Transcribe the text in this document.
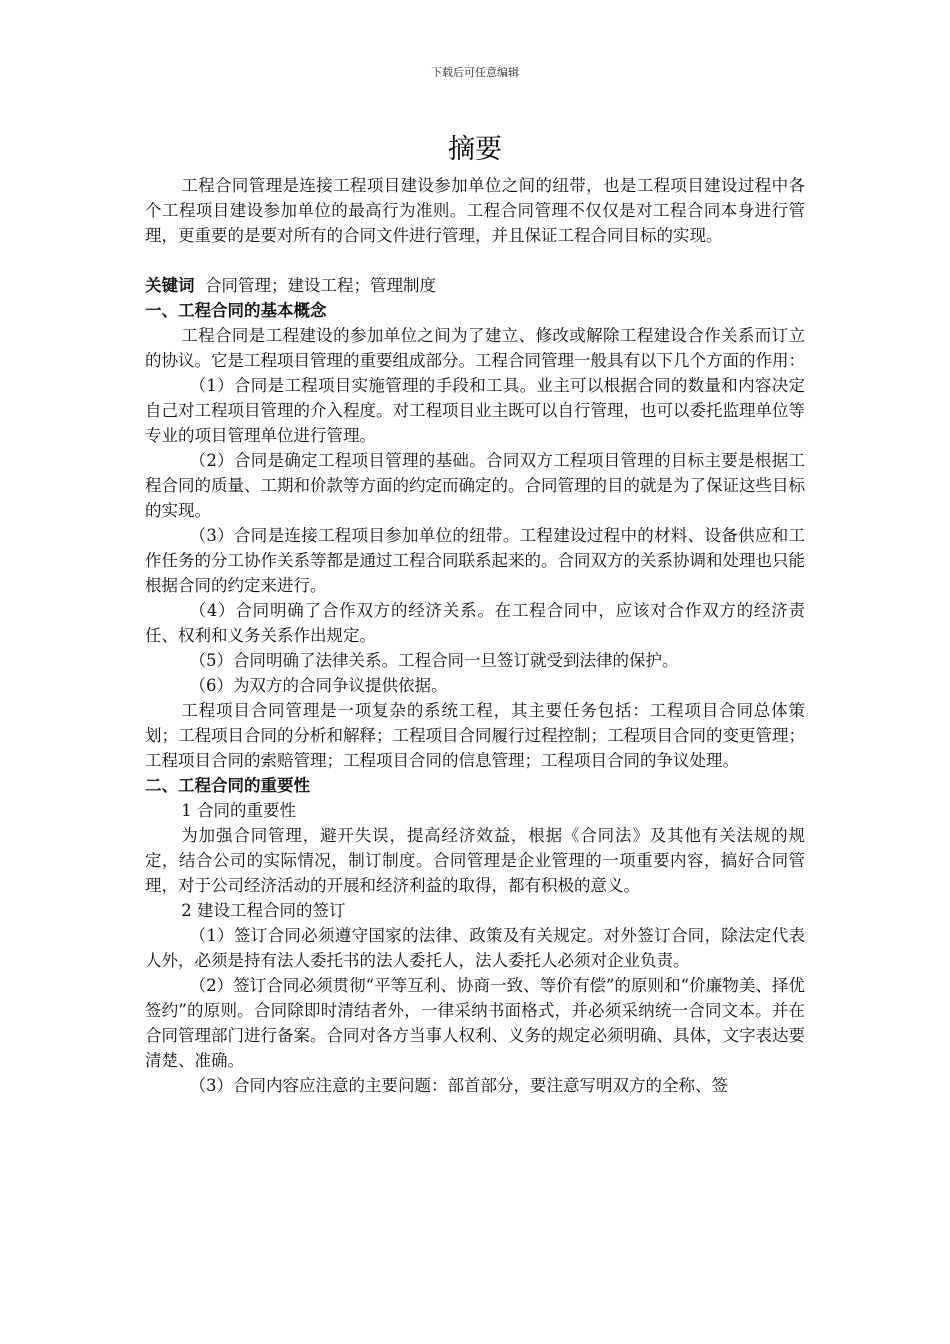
下载后可任意编辑
摘要

工程合同管理是连接工程项目建设参加单位之间的纽带，也是工程项目建设过程中各个工程项目建设参加单位的最高行为准则。工程合同管理不仅仅是对工程合同本身进行管理，更重要的是要对所有的合同文件进行管理，并且保证工程合同目标的实现。

关键词 合同管理；建设工程；管理制度

一、工程合同的基本概念

工程合同是工程建设的参加单位之间为了建立、修改或解除工程建设合作关系而订立的协议。它是工程项目管理的重要组成部分。工程合同管理一般具有以下几个方面的作用：

（1）合同是工程项目实施管理的手段和工具。业主可以根据合同的数量和内容决定自己对工程项目管理的介入程度。对工程项目业主既可以自行管理，也可以委托监理单位等专业的项目管理单位进行管理。

（2）合同是确定工程项目管理的基础。合同双方工程项目管理的目标主要是根据工程合同的质量、工期和价款等方面的约定而确定的。合同管理的目的就是为了保证这些目标的实现。

（3）合同是连接工程项目参加单位的纽带。工程建设过程中的材料、设备供应和工作任务的分工协作关系等都是通过工程合同联系起来的。合同双方的关系协调和处理也只能根据合同的约定来进行。

（4）合同明确了合作双方的经济关系。在工程合同中，应该对合作双方的经济责任、权利和义务关系作出规定。

（5）合同明确了法律关系。工程合同一旦签订就受到法律的保护。

（6）为双方的合同争议提供依据。

工程项目合同管理是一项复杂的系统工程，其主要任务包括：工程项目合同总体策划；工程项目合同的分析和解释；工程项目合同履行过程控制；工程项目合同的变更管理；工程项目合同的索赔管理；工程项目合同的信息管理；工程项目合同的争议处理。

二、工程合同的重要性

1 合同的重要性

为加强合同管理，避开失误，提高经济效益，根据《合同法》及其他有关法规的规定，结合公司的实际情况，制订制度。合同管理是企业管理的一项重要内容，搞好合同管理，对于公司经济活动的开展和经济利益的取得，都有积极的意义。

2 建设工程合同的签订

（1）签订合同必须遵守国家的法律、政策及有关规定。对外签订合同，除法定代表人外，必须是持有法人委托书的法人委托人，法人委托人必须对企业负责。

（2）签订合同必须贯彻“平等互利、协商一致、等价有偿”的原则和“价廉物美、择优签约”的原则。合同除即时清结者外，一律采纳书面格式，并必须采纳统一合同文本。并在合同管理部门进行备案。合同对各方当事人权利、义务的规定必须明确、具体，文字表达要清楚、准确。

（3）合同内容应注意的主要问题：部首部分，要注意写明双方的全称、签
